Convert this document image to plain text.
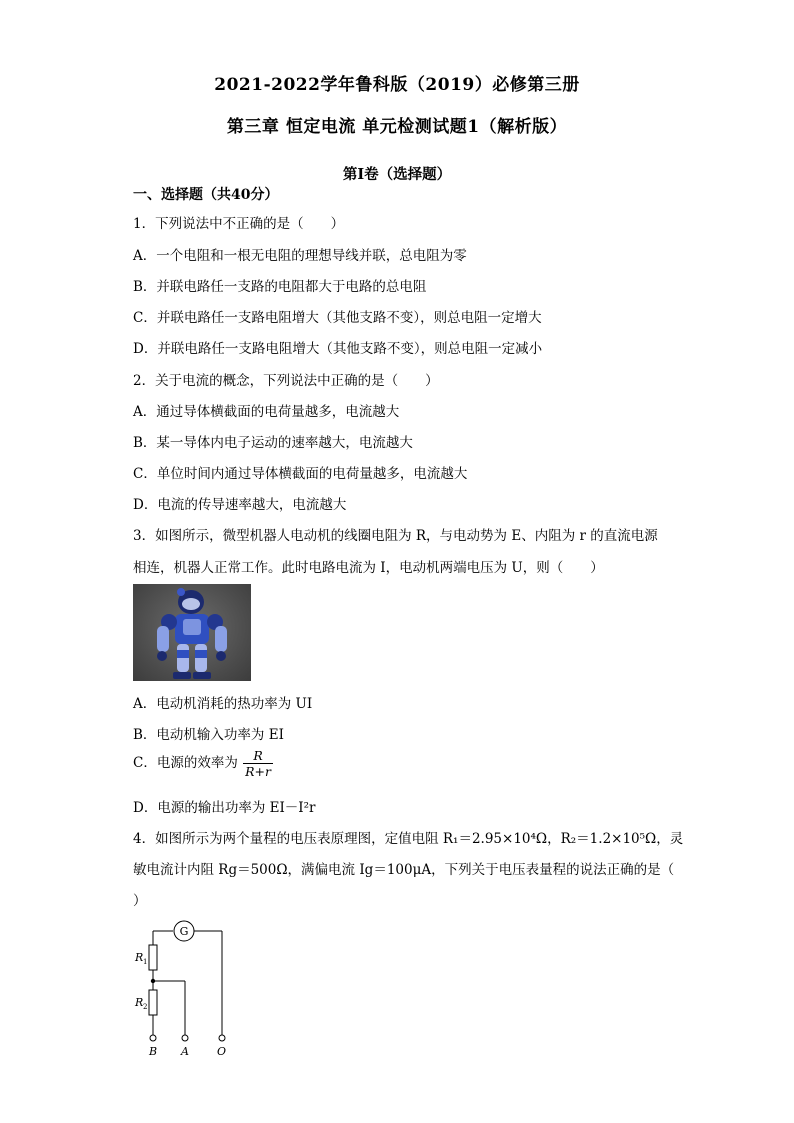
2021-2022学年鲁科版（2019）必修第三册
第三章 恒定电流 单元检测试题1（解析版）
第Ⅰ卷（选择题）
一、选择题（共40分）
1．下列说法中不正确的是（　　）
A．一个电阻和一根无电阻的理想导线并联，总电阻为零
B．并联电路任一支路的电阻都大于电路的总电阻
C．并联电路任一支路电阻增大（其他支路不变），则总电阻一定增大
D．并联电路任一支路电阻增大（其他支路不变），则总电阻一定减小
2．关于电流的概念，下列说法中正确的是（　　）
A．通过导体横截面的电荷量越多，电流越大
B．某一导体内电子运动的速率越大，电流越大
C．单位时间内通过导体横截面的电荷量越多，电流越大
D．电流的传导速率越大，电流越大
3．如图所示，微型机器人电动机的线圈电阻为 R，与电动势为 E、内阻为 r 的直流电源
相连，机器人正常工作。此时电路电流为 I，电动机两端电压为 U，则（　　）
A．电动机消耗的热功率为 UI
B．电动机输入功率为 EI
C．电源的效率为 $\frac{R}{R+r}$
D．电源的输出功率为 EI－I²r
4．如图所示为两个量程的电压表原理图，定值电阻 R₁＝2.95×10⁴Ω，R₂＝1.2×10⁵Ω，灵
敏电流计内阻 Rg＝500Ω，满偏电流 Ig＝100μA，下列关于电压表量程的说法正确的是（
）
G
R 1
R 2
B A	O
